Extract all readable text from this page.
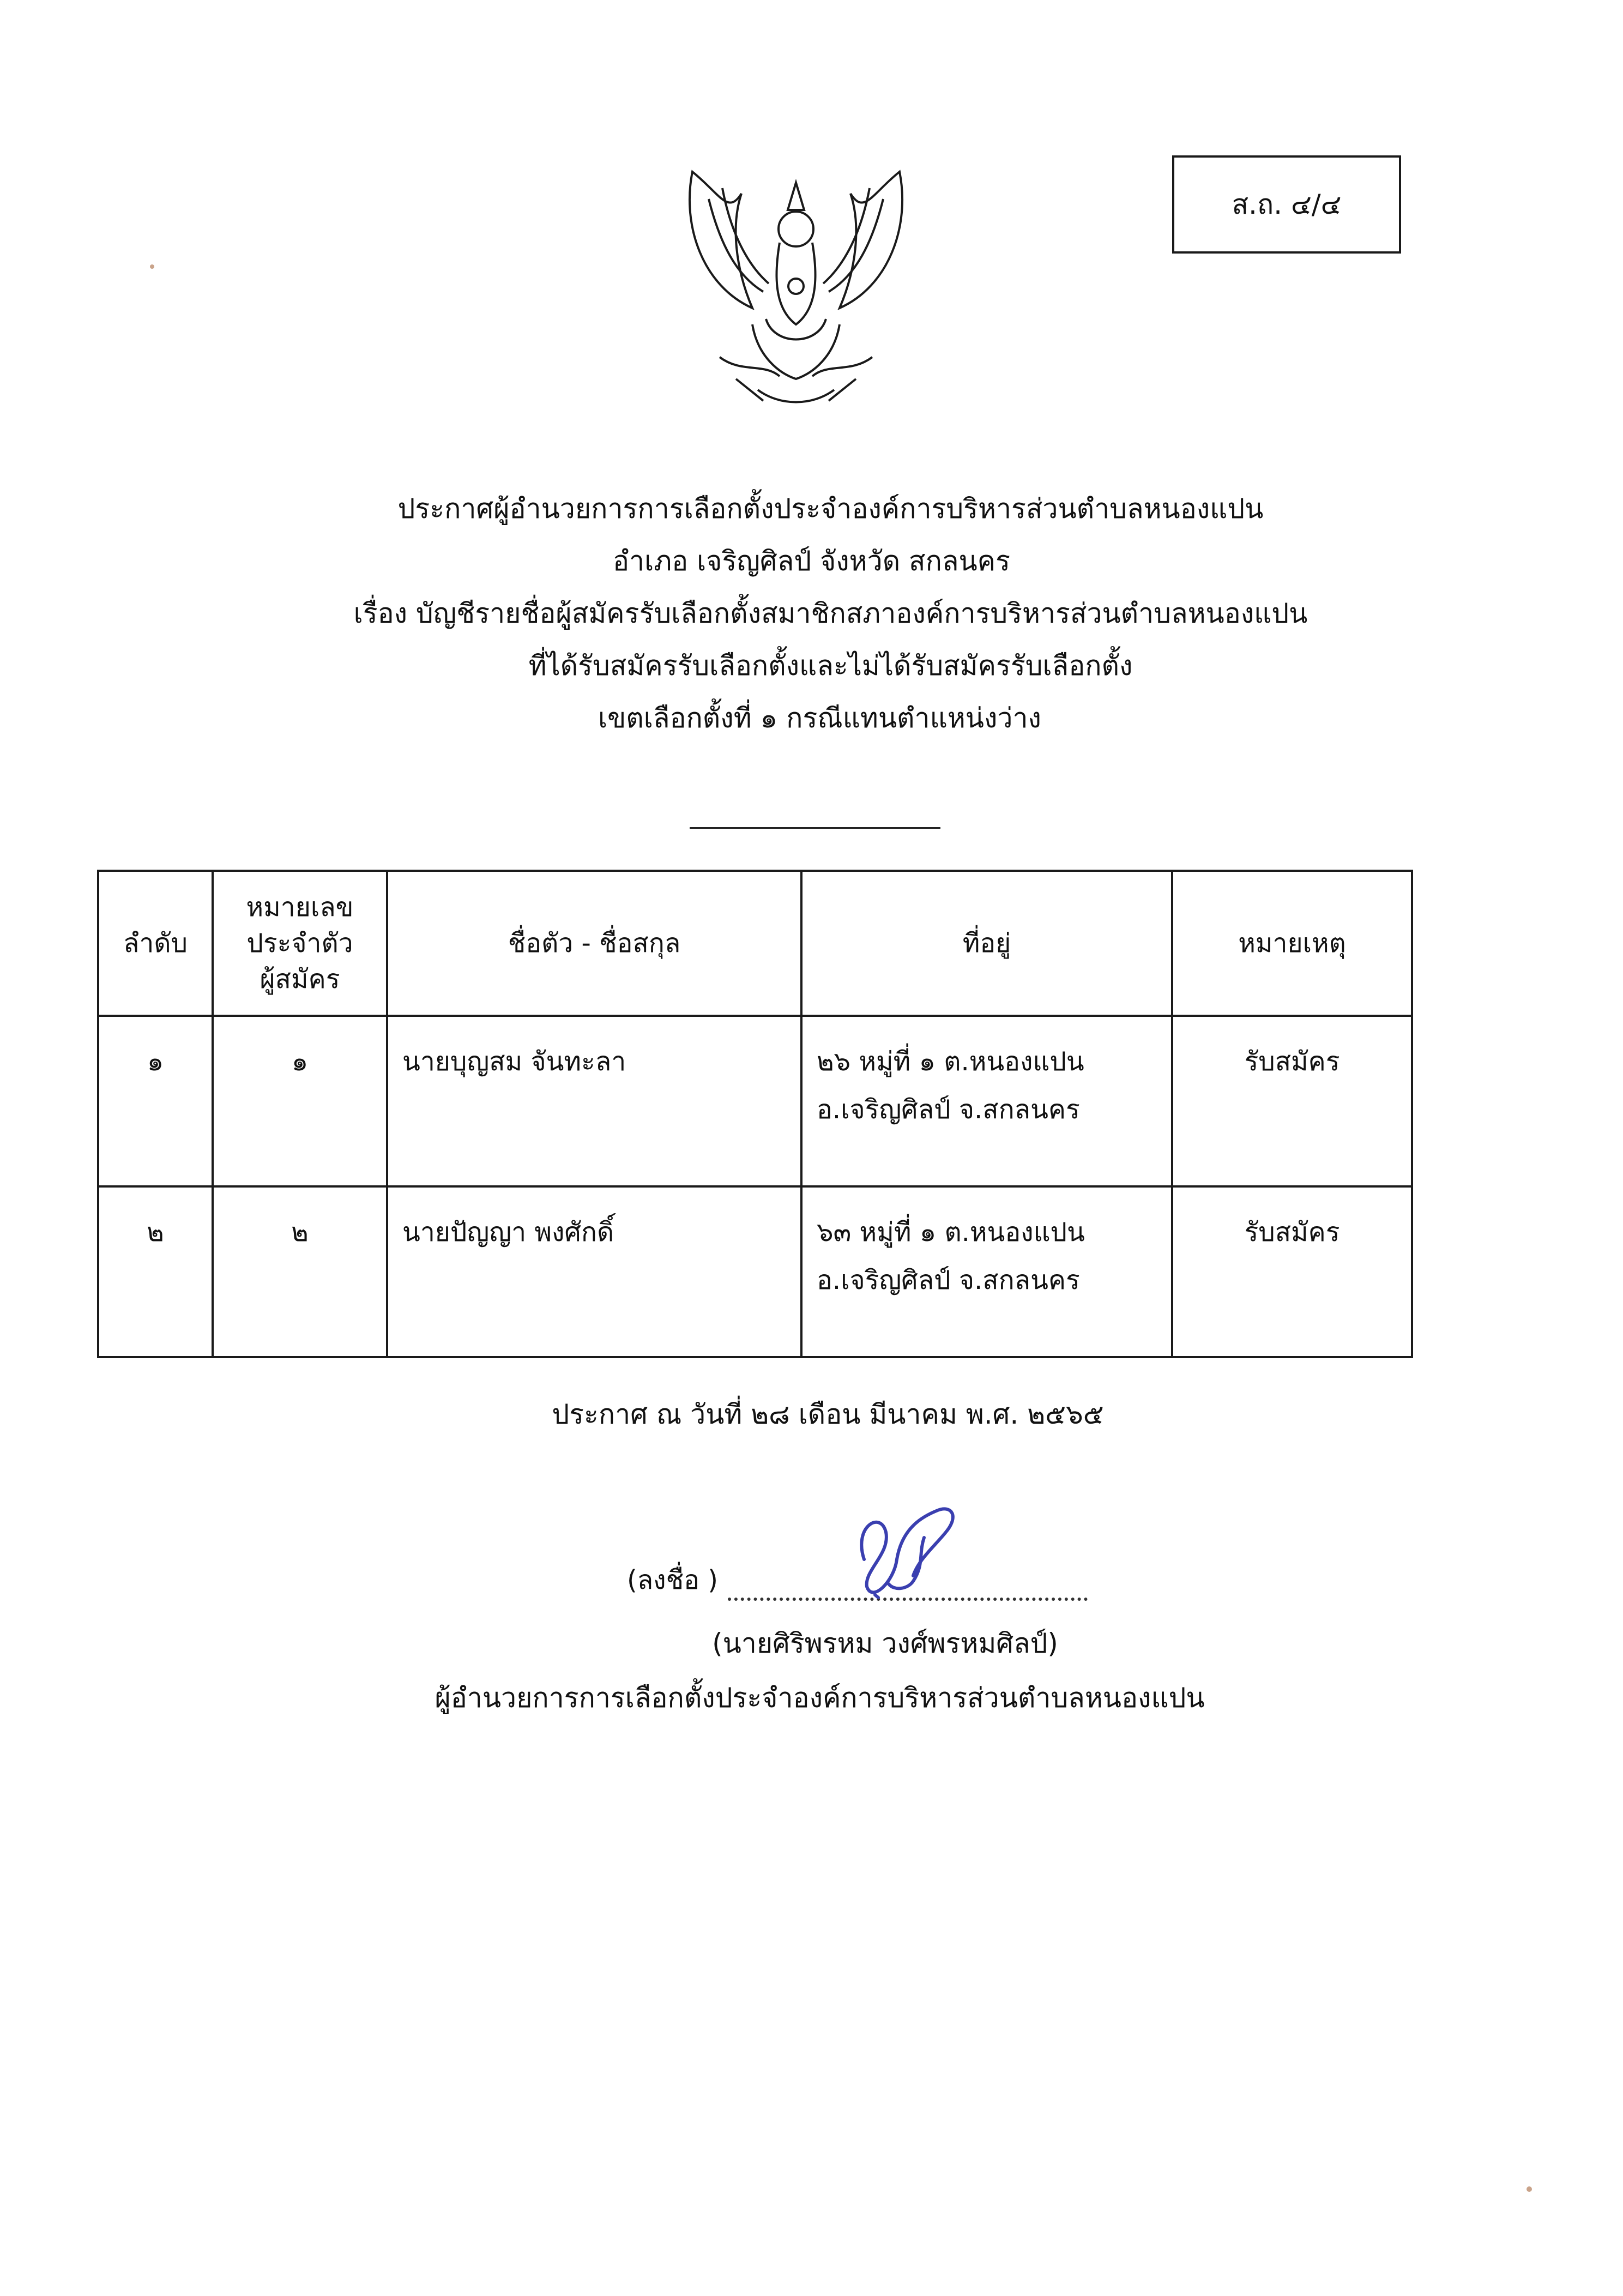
ส.ถ. ๔/๔
ประกาศผู้อำนวยการการเลือกตั้งประจำองค์การบริหารส่วนตำบลหนองแปน
อำเภอ เจริญศิลป์ จังหวัด สกลนคร
เรื่อง บัญชีรายชื่อผู้สมัครรับเลือกตั้งสมาชิกสภาองค์การบริหารส่วนตำบลหนองแปน
ที่ได้รับสมัครรับเลือกตั้งและไม่ได้รับสมัครรับเลือกตั้ง
เขตเลือกตั้งที่ ๑ กรณีแทนตำแหน่งว่าง
ลำดับ	หมายเลข
ประจำตัว
ผู้สมัคร	ชื่อตัว - ชื่อสกุล	ที่อยู่	หมายเหตุ
๑	๑	นายบุญสม จันทะลา	๒๖ หมู่ที่ ๑ ต.หนองแปน
อ.เจริญศิลป์ จ.สกลนคร	รับสมัคร
๒	๒	นายปัญญา พงศักดิ์	๖๓ หมู่ที่ ๑ ต.หนองแปน
อ.เจริญศิลป์ จ.สกลนคร	รับสมัคร
ประกาศ ณ วันที่ ๒๘ เดือน มีนาคม พ.ศ. ๒๕๖๕
(ลงชื่อ )
(นายศิริพรหม วงศ์พรหมศิลป์)
ผู้อำนวยการการเลือกตั้งประจำองค์การบริหารส่วนตำบลหนองแปน
